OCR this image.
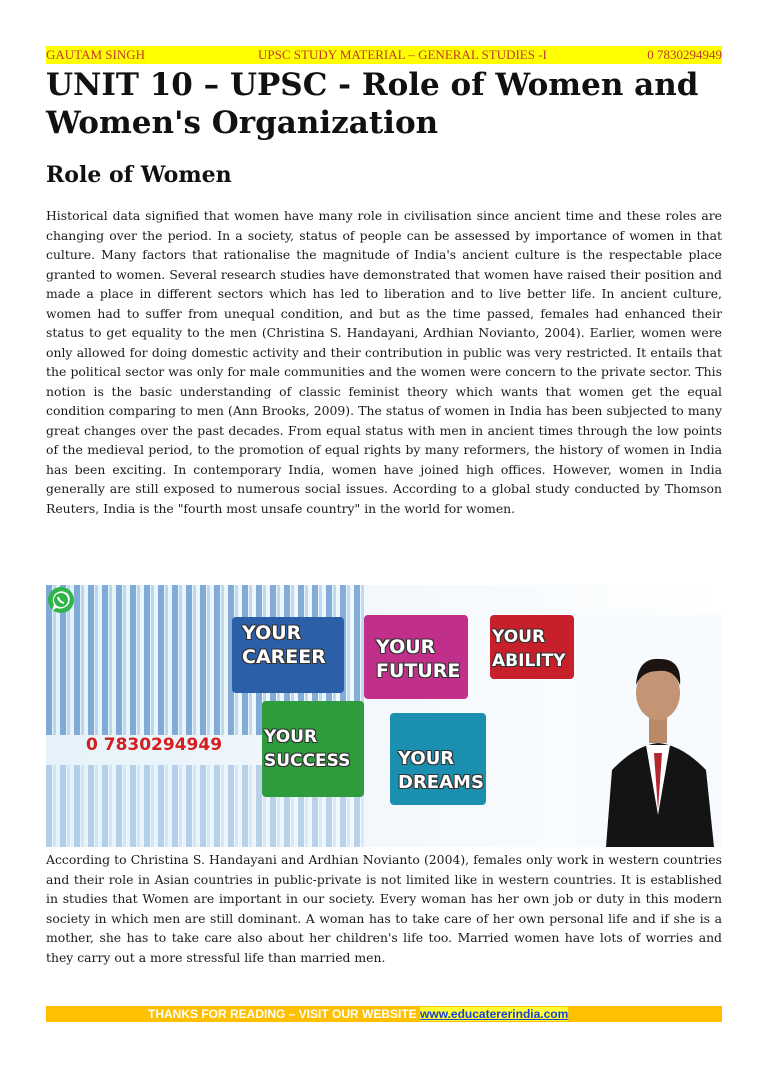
GAUTAM SINGH	UPSC STUDY MATERIAL – GENERAL STUDIES -I	0 7830294949
UNIT 10 – UPSC - Role of Women and Women's Organization
Role of Women

Historical data signified that women have many role in civilisation since ancient time and these roles are changing over the period. In a society, status of people can be assessed by importance of women in that culture. Many factors that rationalise the magnitude of India's ancient culture is the respectable place granted to women. Several research studies have demonstrated that women have raised their position and made a place in different sectors which has led to liberation and to live better life. In ancient culture, women had to suffer from unequal condition, and but as the time passed, females had enhanced their status to get equality to the men (Christina S. Handayani, Ardhian Novianto, 2004). Earlier, women were only allowed for doing domestic activity and their contribution in public was very restricted. It entails that the political sector was only for male communities and the women were concern to the private sector. This notion is the basic understanding of classic feminist theory which wants that women get the equal condition comparing to men (Ann Brooks, 2009). The status of women in India has been subjected to many great changes over the past decades. From equal status with men in ancient times through the low points of the medieval period, to the promotion of equal rights by many reformers, the history of women in India has been exciting. In contemporary India, women have joined high offices. However, women in India generally are still exposed to numerous social issues. According to a global study conducted by Thomson Reuters, India is the "fourth most unsafe country" in the world for women.

YOUR
CAREER	YOUR
FUTURE
YOUR
ABILITY
YOUR
SUCCESS	YOUR
DREAMS
0 7830294949

According to Christina S. Handayani and Ardhian Novianto (2004), females only work in western countries and their role in Asian countries in public-private is not limited like in western countries. It is established in studies that Women are important in our society. Every woman has her own job or duty in this modern society in which men are still dominant. A woman has to take care of her own personal life and if she is a mother, she has to take care also about her children's life too. Married women have lots of worries and they carry out a more stressful life than married men.

THANKS FOR READING – VISIT OUR WEBSITE www.educatererindia.com
